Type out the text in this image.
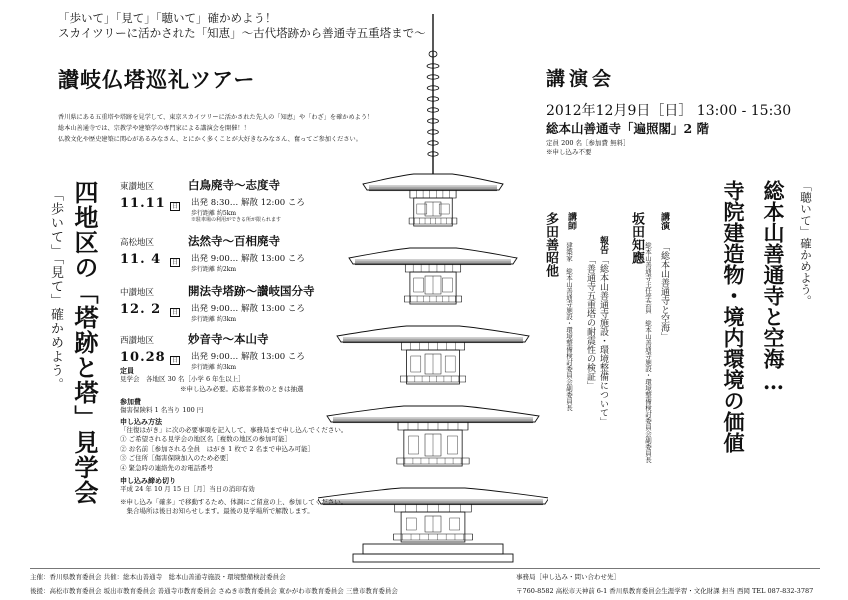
「歩いて」「見て」「聴いて」確かめよう！
スカイツリーに活かされた「知恵」～古代塔跡から善通寺五重塔まで～
讃岐仏塔巡礼ツアー
香川県にある五重塔や塔跡を見学して、東京スカイツリーに活かされた先人の「知恵」や「わざ」を確かめよう！
総本山善通寺では、宗教学や建築学の専門家による講演会を開催！！
仏教文化や歴史建築に関心があるみなさん、とにかく多くことが大好きなみなさん、奮ってご参加ください。
講演会
2012年12月9日［日］ 13:00 - 15:30
総本山善通寺「遍照閣」2 階
定員 200 名［参加費 無料］
※申し込み不要
四地区の「塔跡と塔」見学会
「歩いて」「見て」確かめよう。
東讃地区	白鳥廃寺～志度寺
11.11	日 出発 8:30… 解散 12:00 ころ
歩行距離 約5km
※駐車場の利用ができる所が限られます
高松地区	法然寺～百相廃寺
11. 4	日 出発 9:00… 解散 13:00 ころ
歩行距離 約2km
中讃地区	開法寺塔跡～讃岐国分寺
12. 2	日 出発 9:00… 解散 13:00 ころ
歩行距離 約3km
西讃地区	妙音寺～本山寺
10.28	日 出発 9:00… 解散 13:00 ころ
歩行距離 約3km
定員
見学会　各地区 30 名［小学 6 年生以上］
※申し込み必要。応募者多数のときは抽選
参加費
傷害保険料 1 名当り 100 円
申し込み方法
「往復はがき」に次の必要事項を記入して、事務局まで申し込んでください。
① ご希望される見学会の地区名［複数の地区の参加可能］
② お名前［参加される全員　はがき 1 枚で 2 名まで申込み可能］
③ ご住所［傷害保険加入のため必要］
④ 緊急時の連絡先のお電話番号
申し込み締め切り
平成 24 年 10 月 15 日［月］当日の消印有効
※申し込み「確多」で移動するため、体調にご留意の上、参加してください。
　集合場所は後日お知らせします。最後の見学場所で解散します。
「聴いて」確かめよう。
総本山善通寺と空海…
寺院建造物・境内環境の価値
講演
「総本山善通寺と空海」
総本山善通寺主任学芸員　総本山善通寺施設・環境整備検討委員会副委員長
坂田知應
報告
「総本山善通寺施設・環境整備について」
「善通寺五重塔の耐震性の検証」
講師
建築家　総本山善通寺施設・環境整備検討委員会副委員長
多田善昭他
主催：香川県教育委員会 共催：総本山善通寺　総本山善通寺施設・環境整備検討委員会
後援：高松市教育委員会 坂出市教育委員会 善通寺市教育委員会 さぬき市教育委員会 東かがわ市教育委員会 三豊市教育委員会
事務局［申し込み・問い合わせ先］
〒760-8582 高松市天神前 6-1 香川県教育委員会生涯学習・文化財課 担当 西岡 TEL 087-832-3787
